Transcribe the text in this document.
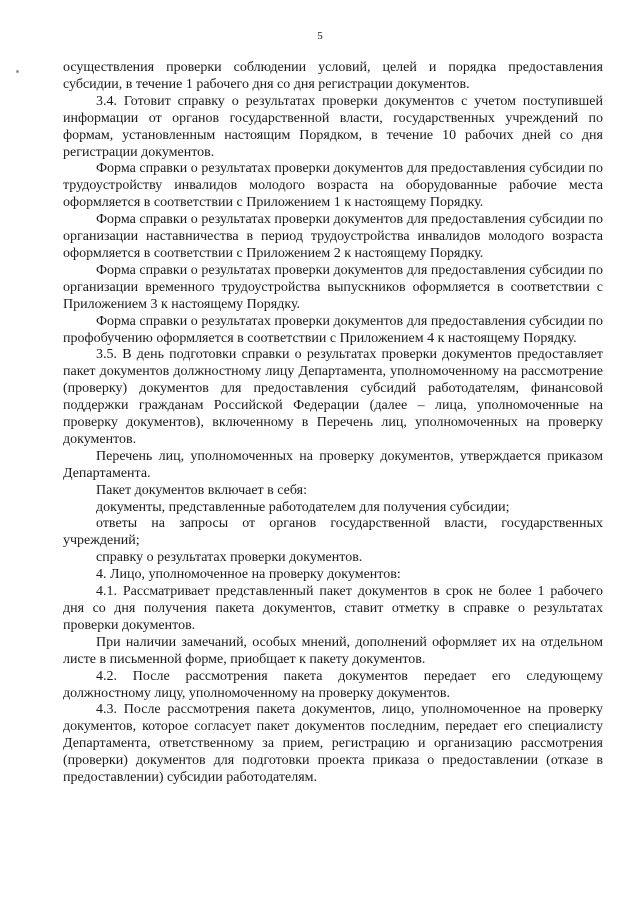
5

осуществления проверки соблюдении условий, целей и порядка предоставления субсидии, в течение 1 рабочего дня со дня регистрации документов.

3.4. Готовит справку о результатах проверки документов с учетом поступившей информации от органов государственной власти, государственных учреждений по формам, установленным настоящим Порядком, в течение 10 рабочих дней со дня регистрации документов.

Форма справки о результатах проверки документов для предоставления субсидии по трудоустройству инвалидов молодого возраста на оборудованные рабочие места оформляется в соответствии с Приложением 1 к настоящему Порядку.

Форма справки о результатах проверки документов для предоставления субсидии по организации наставничества в период трудоустройства инвалидов молодого возраста оформляется в соответствии с Приложением 2 к настоящему Порядку.

Форма справки о результатах проверки документов для предоставления субсидии по организации временного трудоустройства выпускников оформляется в соответствии с Приложением 3 к настоящему Порядку.

Форма справки о результатах проверки документов для предоставления субсидии по профобучению оформляется в соответствии с Приложением 4 к настоящему Порядку.

3.5. В день подготовки справки о результатах проверки документов предоставляет пакет документов должностному лицу Департамента, уполномоченному на рассмотрение (проверку) документов для предоставления субсидий работодателям, финансовой поддержки гражданам Российской Федерации (далее – лица, уполномоченные на проверку документов), включенному в Перечень лиц, уполномоченных на проверку документов.

Перечень лиц, уполномоченных на проверку документов, утверждается приказом Департамента.

Пакет документов включает в себя:

документы, представленные работодателем для получения субсидии;

ответы на запросы от органов государственной власти, государственных учреждений;

справку о результатах проверки документов.

4. Лицо, уполномоченное на проверку документов:

4.1. Рассматривает представленный пакет документов в срок не более 1 рабочего дня со дня получения пакета документов, ставит отметку в справке о результатах проверки документов.

При наличии замечаний, особых мнений, дополнений оформляет их на отдельном листе в письменной форме, приобщает к пакету документов.

4.2. После рассмотрения пакета документов передает его следующему должностному лицу, уполномоченному на проверку документов.

4.3. После рассмотрения пакета документов, лицо, уполномоченное на проверку документов, которое согласует пакет документов последним, передает его специалисту Департамента, ответственному за прием, регистрацию и организацию рассмотрения (проверки) документов для подготовки проекта приказа о предоставлении (отказе в предоставлении) субсидии работодателям.
